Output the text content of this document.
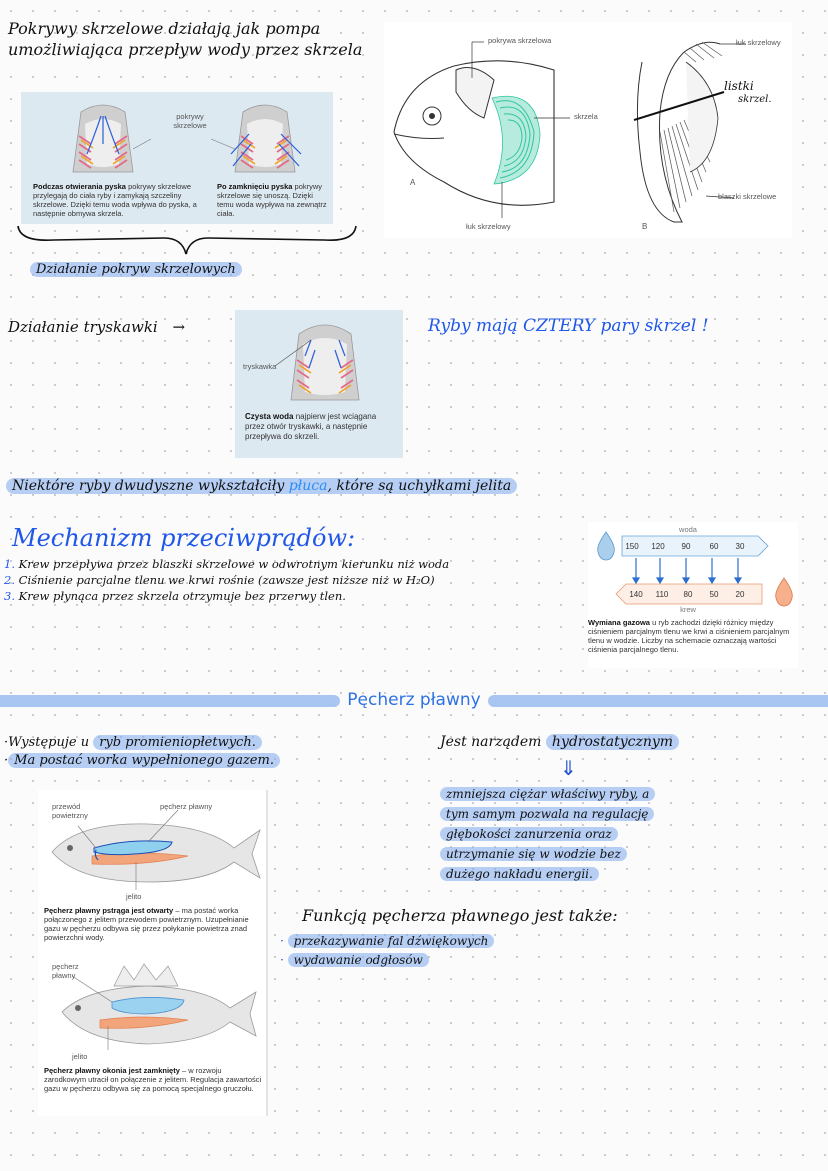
Pokrywy skrzelowe działają jak pompa
umożliwiająca przepływ wody przez skrzela
pokrywy skrzelowe
Podczas otwierania pyska pokrywy skrzelowe przylegają do ciała ryby i zamykają szczeliny skrzelowe. Dzięki temu woda wpływa do pyska, a następnie obmywa skrzela.
Po zamknięciu pyska pokrywy skrzelowe się unoszą. Dzięki temu woda wypływa na zewnątrz ciała.
Działanie pokryw skrzelowych
pokrywa skrzelowa
skrzela
łuk skrzelowy
A
łuk skrzelowy
blaszki skrzelowe
B
listki
skrzel.
Działanie tryskawki →
tryskawka
Czysta woda najpierw jest wciągana przez otwór tryskawki, a następnie przepływa do skrzeli.
Ryby mają CZTERY pary skrzel !
Niektóre ryby dwudyszne wykształciły płuca, które są uchyłkami jelita
Mechanizm przeciwprądów:
1. Krew przepływa przez blaszki skrzelowe w odwrotnym kierunku niż woda
2. Ciśnienie parcjalne tlenu we krwi rośnie (zawsze jest niższe niż w H₂O)
3. Krew płynąca przez skrzela otrzymuje bez przerwy tlen.
150 120 90 60 30
140 110 80 50 20
woda
krew
Wymiana gazowa u ryb zachodzi dzięki różnicy między ciśnieniem parcjalnym tlenu we krwi a ciśnieniem parcjalnym tlenu w wodzie. Liczby na schemacie oznaczają wartości ciśnienia parcjalnego tlenu.
Pęcherz pławny
·Występuje u ryb promieniopłetwych.
· Ma postać worka wypełnionego gazem.
Jest narządem hydrostatycznym
⇓
zmniejsza ciężar właściwy ryby, a
tym samym pozwala na regulację
głębokości zanurzenia oraz
utrzymanie się w wodzie bez
dużego nakładu energii.
Funkcją pęcherza pławnego jest także:
· przekazywanie fal dźwiękowych
· wydawanie odgłosów
przewód powietrzny
pęcherz pławny
jelito
Pęcherz pławny pstrąga jest otwarty – ma postać worka połączonego z jelitem przewodem powietrznym. Uzupełnianie gazu w pęcherzu odbywa się przez połykanie powietrza znad powierzchni wody.
pęcherz pławny
jelito
Pęcherz pławny okonia jest zamknięty – w rozwoju zarodkowym utracił on połączenie z jelitem. Regulacja zawartości gazu w pęcherzu odbywa się za pomocą specjalnego gruczołu.
